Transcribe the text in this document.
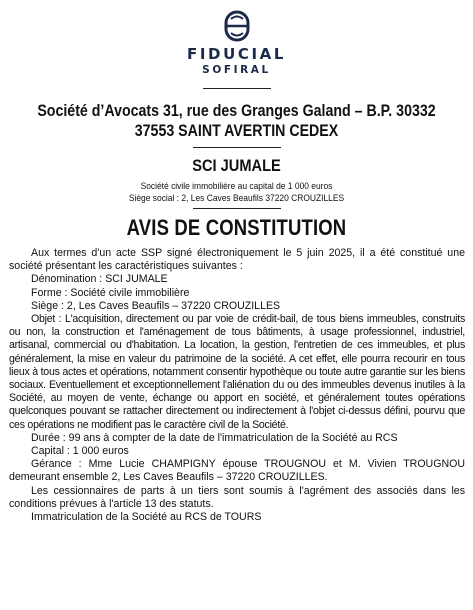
FIDUCIAL
SOFIRAL
Société d’Avocats 31, rue des Granges Galand – B.P. 30332
37553 SAINT AVERTIN CEDEX
SCI JUMALE
Société civile immobilière au capital de 1 000 euros
Siège social : 2, Les Caves Beaufils 37220 CROUZILLES
AVIS DE CONSTITUTION

Aux termes d'un acte SSP signé électroniquement le 5 juin 2025, il a été constitué une société présentant les caractéristiques suivantes :

Dénomination : SCI JUMALE

Forme : Société civile immobilière

Siège : 2, Les Caves Beaufils – 37220 CROUZILLES

Objet : L'acquisition, directement ou par voie de crédit-bail, de tous biens immeubles, construits ou non, la construction et l'aménagement de tous bâtiments, à usage professionnel, industriel, artisanal, commercial ou d'habitation. La location, la gestion, l'entretien de ces immeubles, et plus généralement, la mise en valeur du patrimoine de la société. A cet effet, elle pourra recourir en tous lieux à tous actes et opérations, notamment consentir hypothèque ou toute autre garantie sur les biens sociaux. Eventuellement et exceptionnellement l'aliénation du ou des immeubles devenus inutiles à la Société, au moyen de vente, échange ou apport en société, et généralement toutes opérations quelconques pouvant se rattacher directement ou indirectement à l'objet ci-dessus défini, pourvu que ces opérations ne modifient pas le caractère civil de la Société.

Durée : 99 ans à compter de la date de l'immatriculation de la Société au RCS

Capital : 1 000 euros

Gérance : Mme Lucie CHAMPIGNY épouse TROUGNOU et M. Vivien TROUGNOU demeurant ensemble 2, Les Caves Beaufils – 37220 CROUZILLES.

Les cessionnaires de parts à un tiers sont soumis à l'agrément des associés dans les conditions prévues à l'article 13 des statuts.

Immatriculation de la Société au RCS de TOURS
